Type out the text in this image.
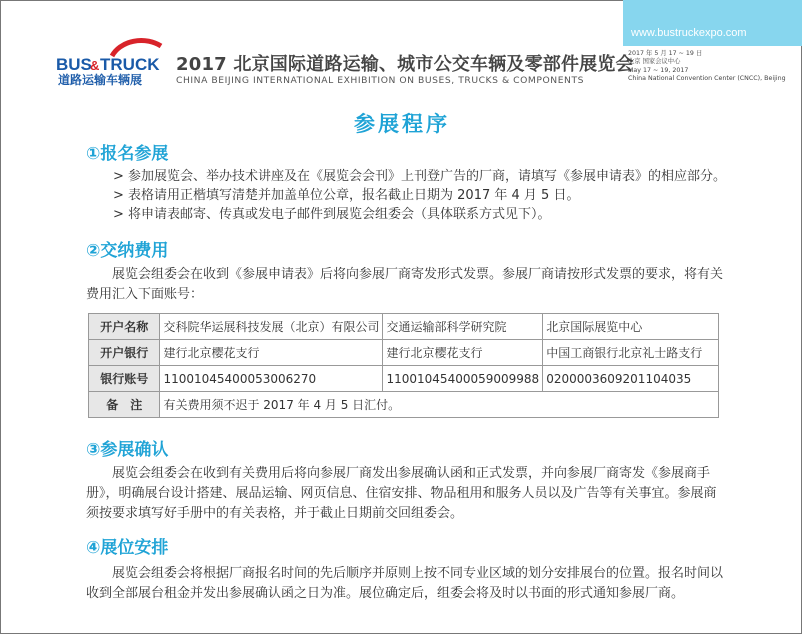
BUS
& TRUCK
道路运输车辆展
2017 北京国际道路运输、城市公交车辆及零部件展览会
CHINA BEIJING INTERNATIONAL EXHIBITION ON BUSES, TRUCKS & COMPONENTS
www.bustruckexpo.com
2017 年 5 月 17 ~ 19 日
北京 国家会议中心
May 17 ~ 19, 2017
China National Convention Center (CNCC), Beijing
参展程序
①报名参展
> 参加展览会、举办技术讲座及在《展览会会刊》上刊登广告的厂商，请填写《参展申请表》的相应部分。
> 表格请用正楷填写清楚并加盖单位公章，报名截止日期为 2017 年 4 月 5 日。
> 将申请表邮寄、传真或发电子邮件到展览会组委会（具体联系方式见下）。
②交纳费用
展览会组委会在收到《参展申请表》后将向参展厂商寄发形式发票。参展厂商请按形式发票的要求，将有关费用汇入下面账号：
开户名称	交科院华运展科技发展（北京）有限公司	交通运输部科学研究院	北京国际展览中心
开户银行	建行北京樱花支行	建行北京樱花支行	中国工商银行北京礼士路支行
银行账号	11001045400053006270	11001045400059009988	0200003609201104035
备　注	有关费用须不迟于 2017 年 4 月 5 日汇付。		
③参展确认
展览会组委会在收到有关费用后将向参展厂商发出参展确认函和正式发票，并向参展厂商寄发《参展商手册》，明确展台设计搭建、展品运输、网页信息、住宿安排、物品租用和服务人员以及广告等有关事宜。参展商须按要求填写好手册中的有关表格，并于截止日期前交回组委会。
④展位安排
展览会组委会将根据厂商报名时间的先后顺序并原则上按不同专业区域的划分安排展台的位置。报名时间以收到全部展台租金并发出参展确认函之日为准。展位确定后，组委会将及时以书面的形式通知参展厂商。
